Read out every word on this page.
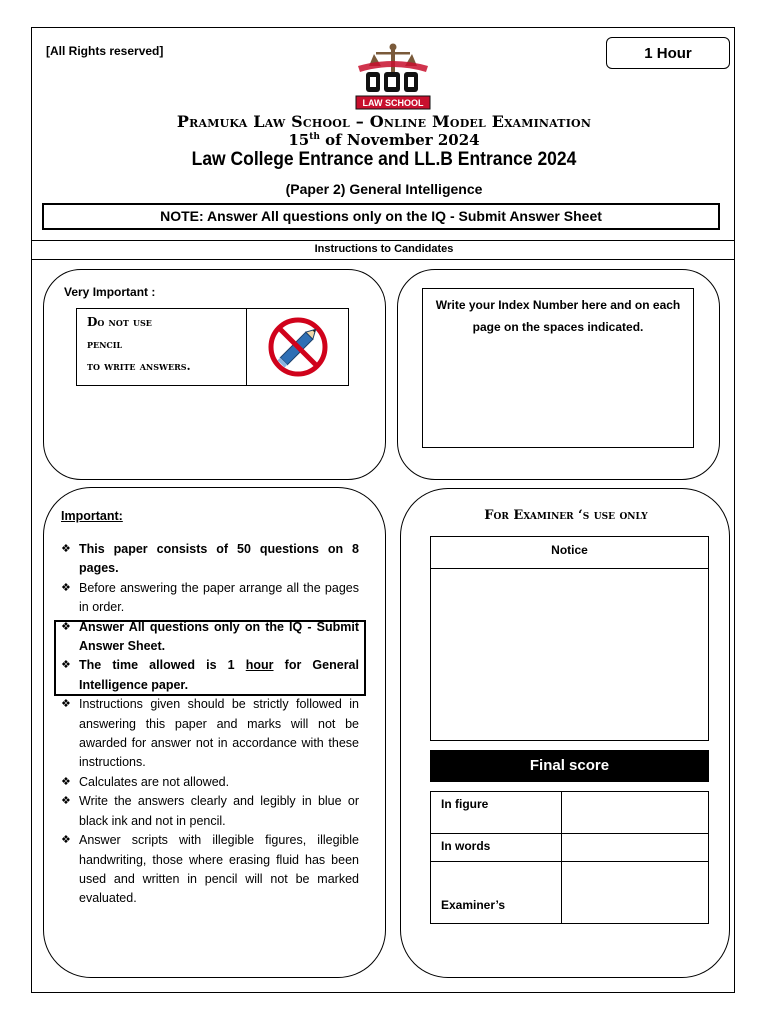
[All Rights reserved]	1 Hour
LAW SCHOOL
Pramuka Law School – Online Model Examination
15th of November 2024
Law College Entrance and LL.B Entrance 2024
(Paper 2) General Intelligence
NOTE: Answer All questions only on the IQ - Submit Answer Sheet
Instructions to Candidates
Very Important :
Do not use
pencil
to write answers.
Write your Index Number here and on each page on the spaces indicated.
Important:
❖ This paper consists of 50 questions on 8 pages.
❖ Before answering the paper arrange all the pages in order.
❖ Answer All questions only on the IQ - Submit Answer Sheet.
❖ The time allowed is 1 hour for General Intelligence paper.
❖ Instructions given should be strictly followed in answering this paper and marks will not be awarded for answer not in accordance with these instructions.
❖ Calculates are not allowed.
❖ Write the answers clearly and legibly in blue or black ink and not in pencil.
❖ Answer scripts with illegible figures, illegible handwriting, those where erasing fluid has been used and written in pencil will not be marked evaluated.
For Examiner ‘s use only
Notice
Final score
In figure
In words
Examiner’s
